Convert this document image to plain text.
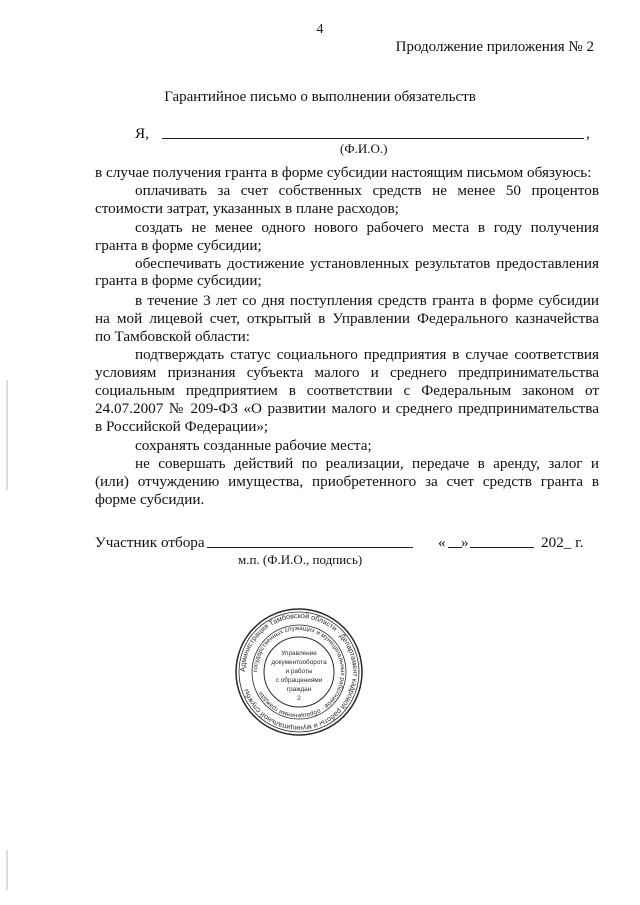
4
Продолжение приложения № 2
Гарантийное письмо о выполнении обязательств
Я,	,
(Ф.И.О.)
в случае получения гранта в форме субсидии настоящим письмом обязуюсь:
оплачивать за счет собственных средств не менее 50 процентов
стоимости затрат, указанных в плане расходов;
создать не менее одного нового рабочего места в году получения
гранта в форме субсидии;
обеспечивать достижение установленных результатов предоставления
гранта в форме субсидии;
в течение 3 лет со дня поступления средств гранта в форме субсидии
на мой лицевой счет, открытый в Управлении Федерального казначейства
по Тамбовской области:
подтверждать статус социального предприятия в случае соответствия
условиям признания субъекта малого и среднего предпринимательства
социальным предприятием в соответствии с Федеральным законом от
24.07.2007 № 209-ФЗ «О развитии малого и среднего предпринимательства
в Российской Федерации»;
сохранять созданные рабочие места;
не совершать действий по реализации, передаче в аренду, залог и
(или) отчуждению имущества, приобретенного за счет средств гранта в
форме субсидии.
Участник отбора	« »	202_ г.
м.п. (Ф.И.О., подпись)
Администрация Тамбовской области · Департамент кадровой работы и муниципальной службы
государственных служащих и муниципальных работников · обращениями граждан
Управление
документооборота
и работы
с обращениями
граждан
2
